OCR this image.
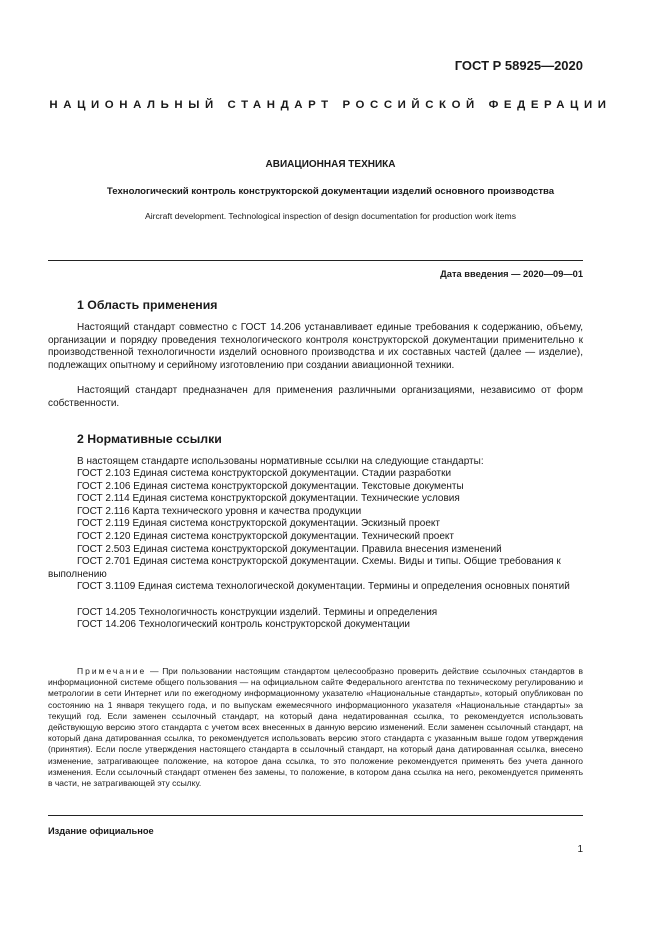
ГОСТ Р 58925—2020
НАЦИОНАЛЬНЫЙ СТАНДАРТ РОССИЙСКОЙ ФЕДЕРАЦИИ
АВИАЦИОННАЯ ТЕХНИКА
Технологический контроль конструкторской документации изделий основного производства
Aircraft development. Technological inspection of design documentation for production work items
Дата введения — 2020—09—01
1 Область применения

Настоящий стандарт совместно с ГОСТ 14.206 устанавливает единые требования к содержанию, объему, организации и порядку проведения технологического контроля конструкторской документации применительно к производственной технологичности изделий основного производства и их составных частей (далее — изделие), подлежащих опытному и серийному изготовлению при создании авиационной техники.

Настоящий стандарт предназначен для применения различными организациями, независимо от форм собственности.

2 Нормативные ссылки

В настоящем стандарте использованы нормативные ссылки на следующие стандарты:

ГОСТ 2.103 Единая система конструкторской документации. Стадии разработки

ГОСТ 2.106 Единая система конструкторской документации. Текстовые документы

ГОСТ 2.114 Единая система конструкторской документации. Технические условия

ГОСТ 2.116 Карта технического уровня и качества продукции

ГОСТ 2.119 Единая система конструкторской документации. Эскизный проект

ГОСТ 2.120 Единая система конструкторской документации. Технический проект

ГОСТ 2.503 Единая система конструкторской документации. Правила внесения изменений

ГОСТ 2.701 Единая система конструкторской документации. Схемы. Виды и типы. Общие требования к выполнению

ГОСТ 3.1109 Единая система технологической документации. Термины и определения основных понятий

ГОСТ 14.205 Технологичность конструкции изделий. Термины и определения

ГОСТ 14.206 Технологический контроль конструкторской документации

Примечание — При пользовании настоящим стандартом целесообразно проверить действие ссылочных стандартов в информационной системе общего пользования — на официальном сайте Федерального агентства по техническому регулированию и метрологии в сети Интернет или по ежегодному информационному указателю «Национальные стандарты», который опубликован по состоянию на 1 января текущего года, и по выпускам ежемесячного информационного указателя «Национальные стандарты» за текущий год. Если заменен ссылочный стандарт, на который дана недатированная ссылка, то рекомендуется использовать действующую версию этого стандарта с учетом всех внесенных в данную версию изменений. Если заменен ссылочный стандарт, на который дана датированная ссылка, то рекомендуется использовать версию этого стандарта с указанным выше годом утверждения (принятия). Если после утверждения настоящего стандарта в ссылочный стандарт, на который дана датированная ссылка, внесено изменение, затрагивающее положение, на которое дана ссылка, то это положение рекомендуется применять без учета данного изменения. Если ссылочный стандарт отменен без замены, то положение, в котором дана ссылка на него, рекомендуется применять в части, не затрагивающей эту ссылку.

Издание официальное
1
